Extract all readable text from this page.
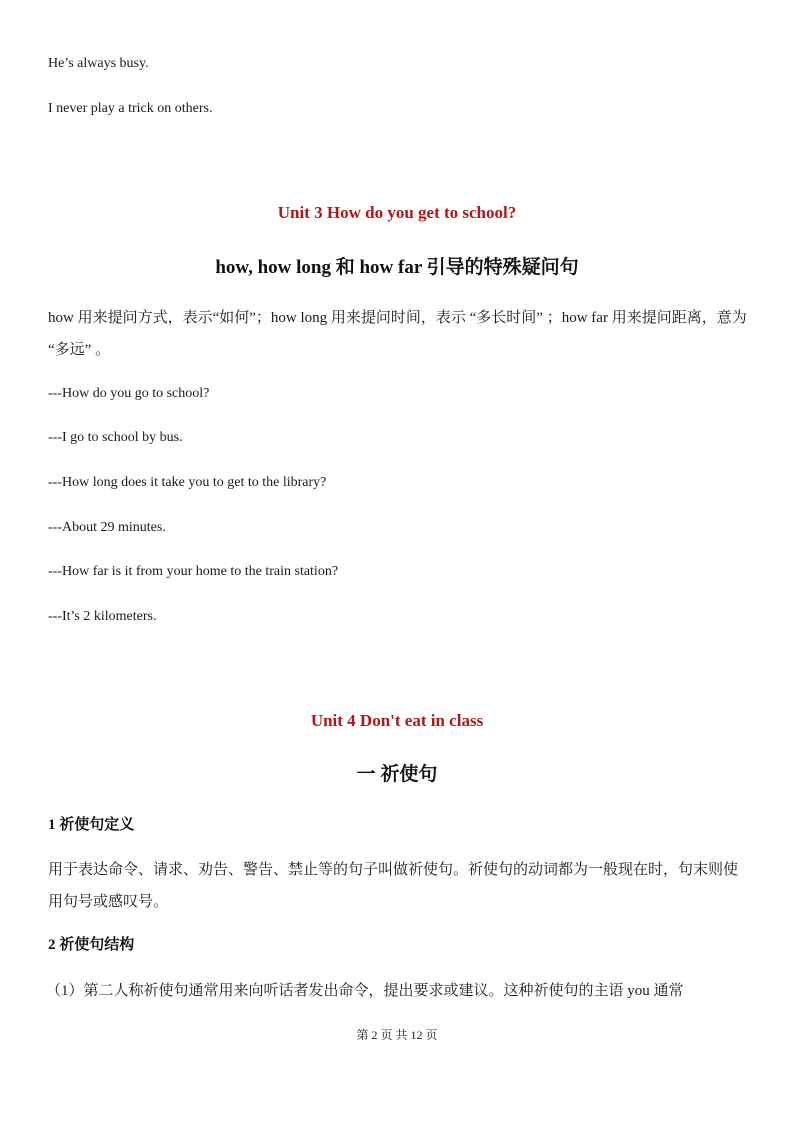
He’s always busy.
I never play a trick on others.
Unit 3 How do you get to school?
how, how long 和 how far 引导的特殊疑问句
how 用来提问方式，表示“如何”；how long 用来提问时间，表示 “多长时间” ；how far 用来提问距离，意为 “多远” 。
---How do you go to school?
---I go to school by bus.
---How long does it take you to get to the library?
---About 29 minutes.
---How far is it from your home to the train station?
---It’s 2 kilometers.
Unit 4 Don't eat in class
一 祈使句
1 祈使句定义
用于表达命令、请求、劝告、警告、禁止等的句子叫做祈使句。祈使句的动词都为一般现在时，句末则使用句号或感叹号。
2 祈使句结构
（1）第二人称祈使句通常用来向听话者发出命令，提出要求或建议。这种祈使句的主语 you 通常
第 2 页 共 12 页
